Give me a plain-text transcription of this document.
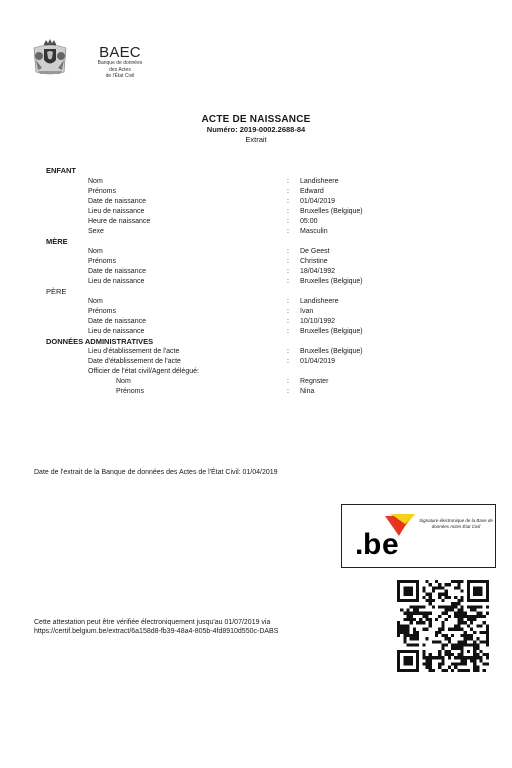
BAEC
Banque de données
des Actes
de l'État Civil
ACTE DE NAISSANCE
Numéro: 2019-0002.2688-84
Extrait
ENFANT
Nom	: Landisheere
Prénoms	: Edward
Date de naissance	: 01/04/2019
Lieu de naissance	: Bruxelles (Belgique)
Heure de naissance	: 05:00
Sexe	: Masculin
MÈRE
Nom	: De Geest
Prénoms	: Christine
Date de naissance	: 18/04/1992
Lieu de naissance	: Bruxelles (Belgique)
PÈRE
Nom	: Landisheere
Prénoms	: Ivan
Date de naissance	: 10/10/1992
Lieu de naissance	: Bruxelles (Belgique)
DONNÉES ADMINISTRATIVES
Lieu d'établissement de l'acte	: Bruxelles (Belgique)
Date d'établissement de l'acte	: 01/04/2019
Officier de l'état civil/Agent délégué:
Nom	: Regnster
Prénoms	: Nina
Date de l'extrait de la Banque de données des Actes de l'État Civil: 01/04/2019
. b e
Signature électronique de la Base de données Actes État Civil
Cette attestation peut être vérifiée électroniquement jusqu'au 01/07/2019 via
https://certif.belgium.be/extract/6a158d8-fb39-48a4-805b-4fd8910d550c-DABS
